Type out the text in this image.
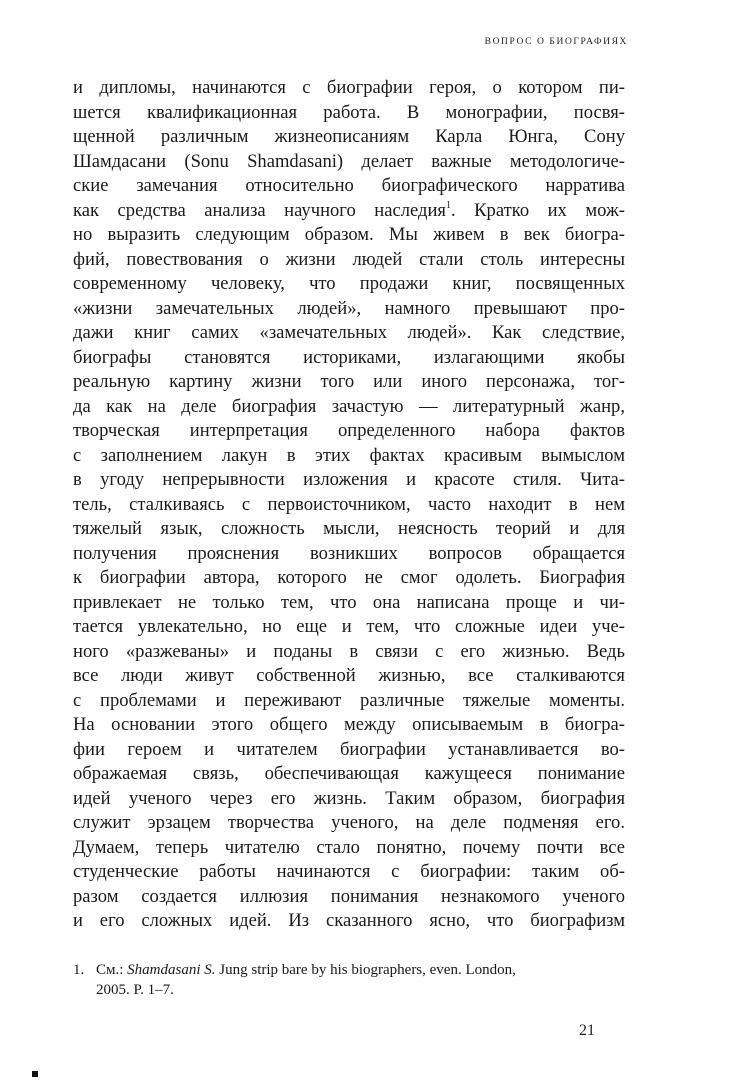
ВОПРОС О БИОГРАФИЯХ
и дипломы, начинаются с биографии героя, о котором пи-
шется квалификационная работа. В монографии, посвя-
щенной различным жизнеописаниям Карла Юнга, Сону
Шамдасани (Sonu Shamdasani) делает важные методологиче-
ские замечания относительно биографического нарратива
как средства анализа научного наследия$^1$. Кратко их мож-
но выразить следующим образом. Мы живем в век биогра-
фий, повествования о жизни людей стали столь интересны
современному человеку, что продажи книг, посвященных
«жизни замечательных людей», намного превышают про-
дажи книг самих «замечательных людей». Как следствие,
биографы становятся историками, излагающими якобы
реальную картину жизни того или иного персонажа, тог-
да как на деле биография зачастую — литературный жанр,
творческая интерпретация определенного набора фактов
с заполнением лакун в этих фактах красивым вымыслом
в угоду непрерывности изложения и красоте стиля. Чита-
тель, сталкиваясь с первоисточником, часто находит в нем
тяжелый язык, сложность мысли, неясность теорий и для
получения прояснения возникших вопросов обращается
к биографии автора, которого не смог одолеть. Биография
привлекает не только тем, что она написана проще и чи-
тается увлекательно, но еще и тем, что сложные идеи уче-
ного «разжеваны» и поданы в связи с его жизнью. Ведь
все люди живут собственной жизнью, все сталкиваются
с проблемами и переживают различные тяжелые моменты.
На основании этого общего между описываемым в биогра-
фии героем и читателем биографии устанавливается во-
ображаемая связь, обеспечивающая кажущееся понимание
идей ученого через его жизнь. Таким образом, биография
служит эрзацем творчества ученого, на деле подменяя его.
Думаем, теперь читателю стало понятно, почему почти все
студенческие работы начинаются с биографии: таким об-
разом создается иллюзия понимания незнакомого ученого
и его сложных идей. Из сказанного ясно, что биографизм
1. См.: Shamdasani S. Jung strip bare by his biographers, even. London,
2005. P. 1–7.
21
